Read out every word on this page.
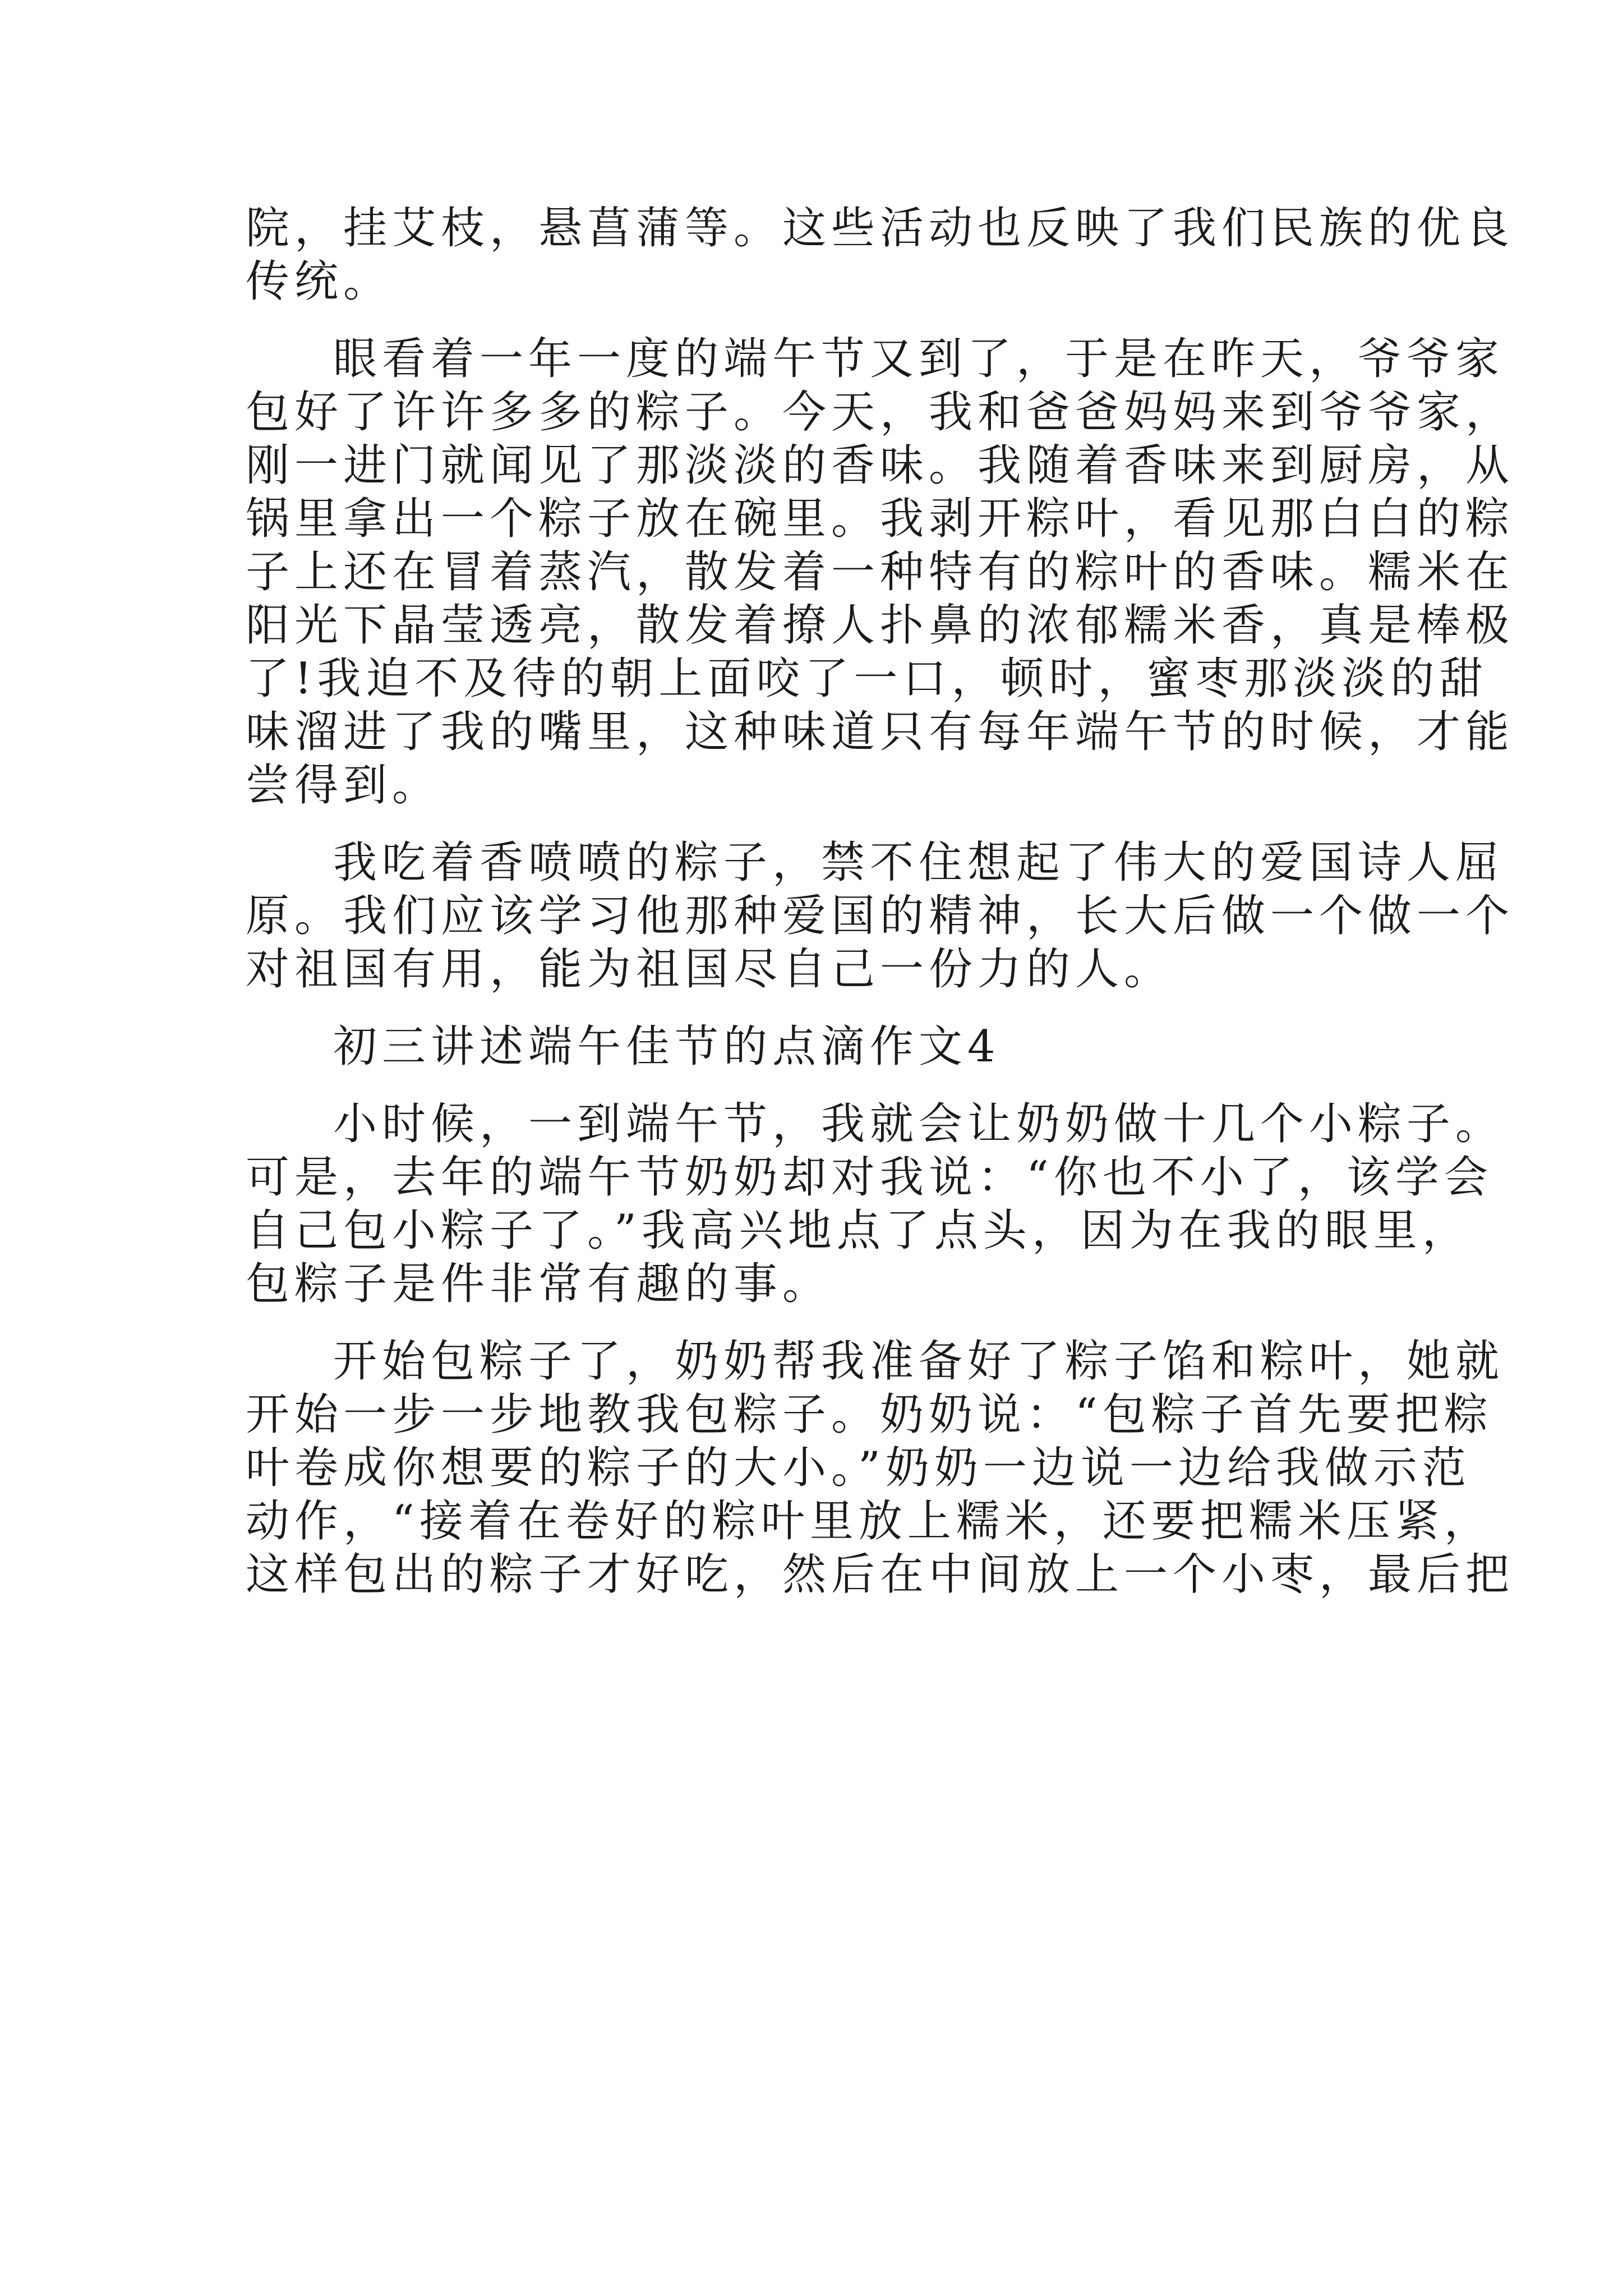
院，挂艾枝，悬菖蒲等。这些活动也反映了我们民族的优良
传统。
眼看着一年一度的端午节又到了，于是在昨天，爷爷家
包好了许许多多的粽子。今天，我和爸爸妈妈来到爷爷家，
刚一进门就闻见了那淡淡的香味。我随着香味来到厨房，从
锅里拿出一个粽子放在碗里。我剥开粽叶，看见那白白的粽
子上还在冒着蒸汽，散发着一种特有的粽叶的香味。糯米在
阳光下晶莹透亮，散发着撩人扑鼻的浓郁糯米香，真是棒极
了!我迫不及待的朝上面咬了一口，顿时，蜜枣那淡淡的甜
味溜进了我的嘴里，这种味道只有每年端午节的时候，才能
尝得到。
我吃着香喷喷的粽子，禁不住想起了伟大的爱国诗人屈
原。我们应该学习他那种爱国的精神，长大后做一个做一个
对祖国有用，能为祖国尽自己一份力的人。
初三讲述端午佳节的点滴作文4
小时候，一到端午节，我就会让奶奶做十几个小粽子。
可是，去年的端午节奶奶却对我说：“你也不小了，该学会
自己包小粽子了。”我高兴地点了点头，因为在我的眼里，
包粽子是件非常有趣的事。
开始包粽子了，奶奶帮我准备好了粽子馅和粽叶，她就
开始一步一步地教我包粽子。奶奶说：“包粽子首先要把粽
叶卷成你想要的粽子的大小。”奶奶一边说一边给我做示范
动作，“接着在卷好的粽叶里放上糯米，还要把糯米压紧，
这样包出的粽子才好吃，然后在中间放上一个小枣，最后把
